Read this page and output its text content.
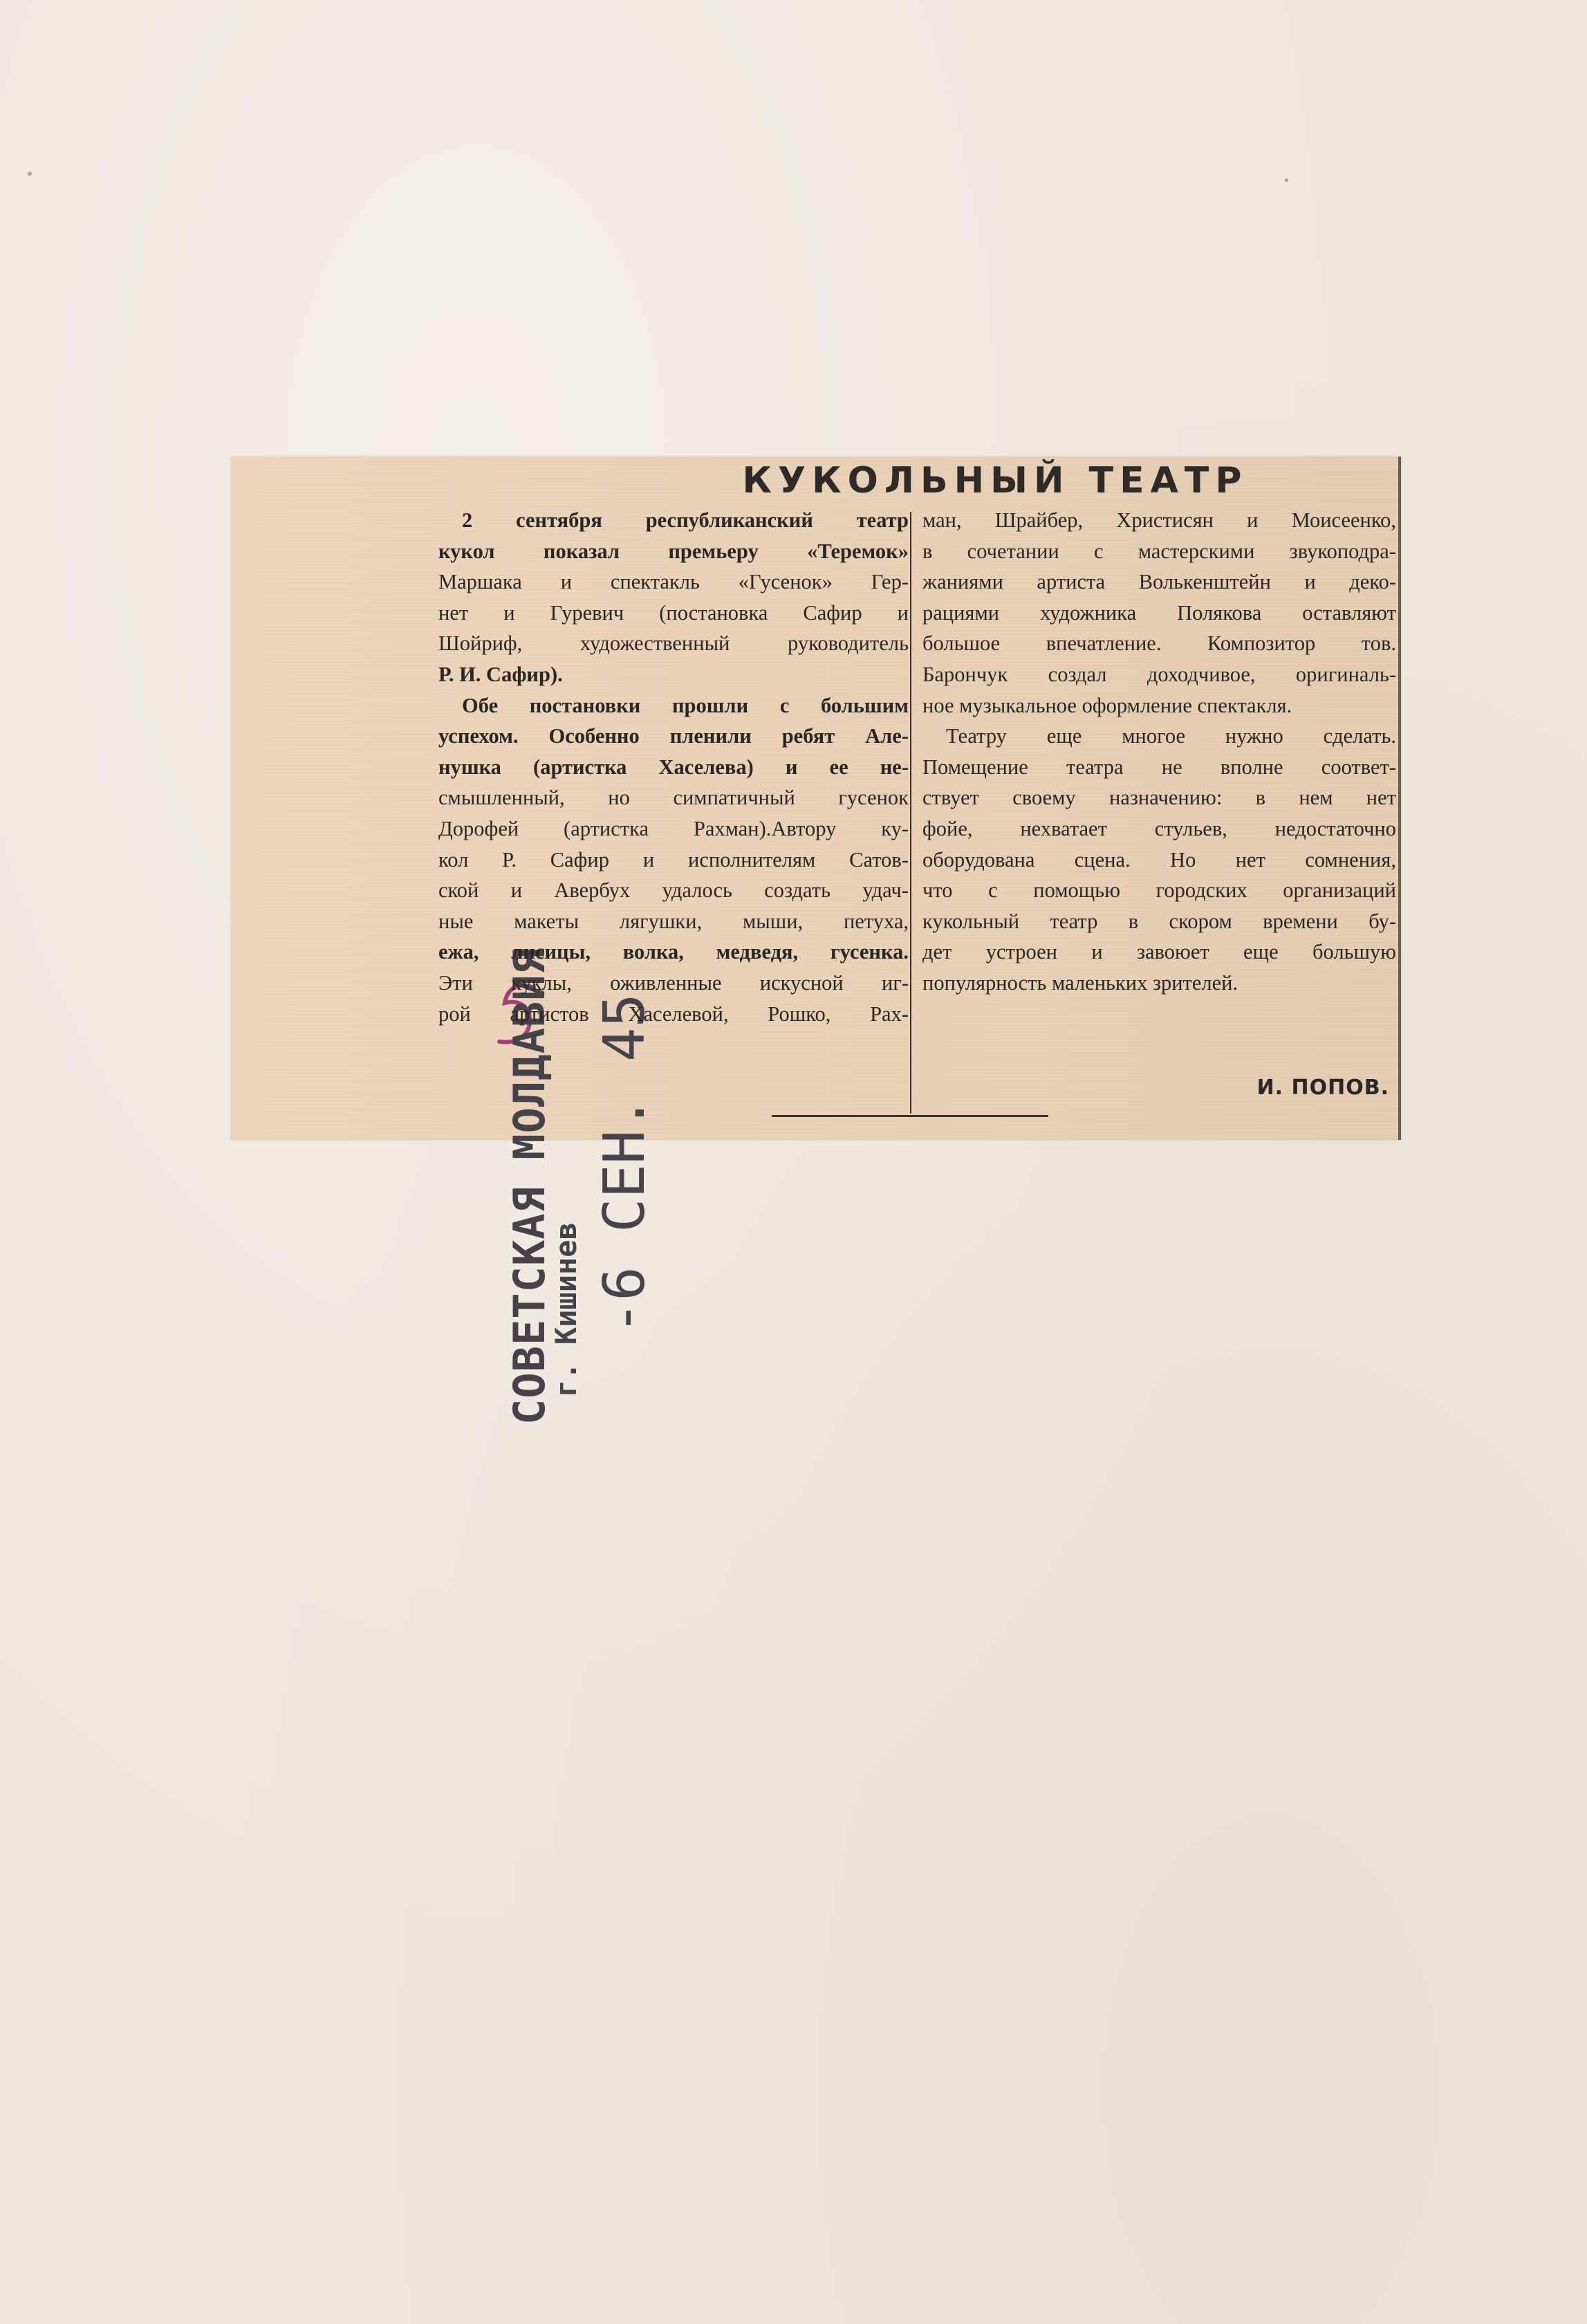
СОВЕТСКАЯ МОЛДАВИЯ
г. Кишинев -6 СЕН. 45
КУКОЛЬНЫЙ ТЕАТР
2 сентября республиканский театр
кукол показал премьеру «Теремок»
Маршака и спектакль «Гусенок» Гер-
нет и Гуревич (постановка Сафир и
Шойриф, художественный руководитель
Р. И. Сафир).
Обе постановки прошли с большим
успехом. Особенно пленили ребят Але-
нушка (артистка Хаселева) и ее не-
смышленный, но симпатичный гусенок
Дорофей (артистка Рахман).Автору ку-
кол Р. Сафир и исполнителям Сатов-
ской и Авербух удалось создать удач-
ные макеты лягушки, мыши, петуха,
ежа, лисицы, волка, медведя, гусенка.
Эти куклы, оживленные искусной иг-
рой артистов Хаселевой, Рошко, Рах-
ман, Шрайбер, Христисян и Моисеенко,
в сочетании с мастерскими звукоподра-
жаниями артиста Волькенштейн и деко-
рациями художника Полякова оставляют
большое впечатление. Композитор тов.
Барончук создал доходчивое, оригиналь-
ное музыкальное оформление спектакля.
Театру еще многое нужно сделать.
Помещение театра не вполне соответ-
ствует своему назначению: в нем нет
фойе, нехватает стульев, недостаточно
оборудована сцена. Но нет сомнения,
что с помощью городских организаций
кукольный театр в скором времени бу-
дет устроен и завоюет еще большую
популярность маленьких зрителей.
И. ПОПОВ.
